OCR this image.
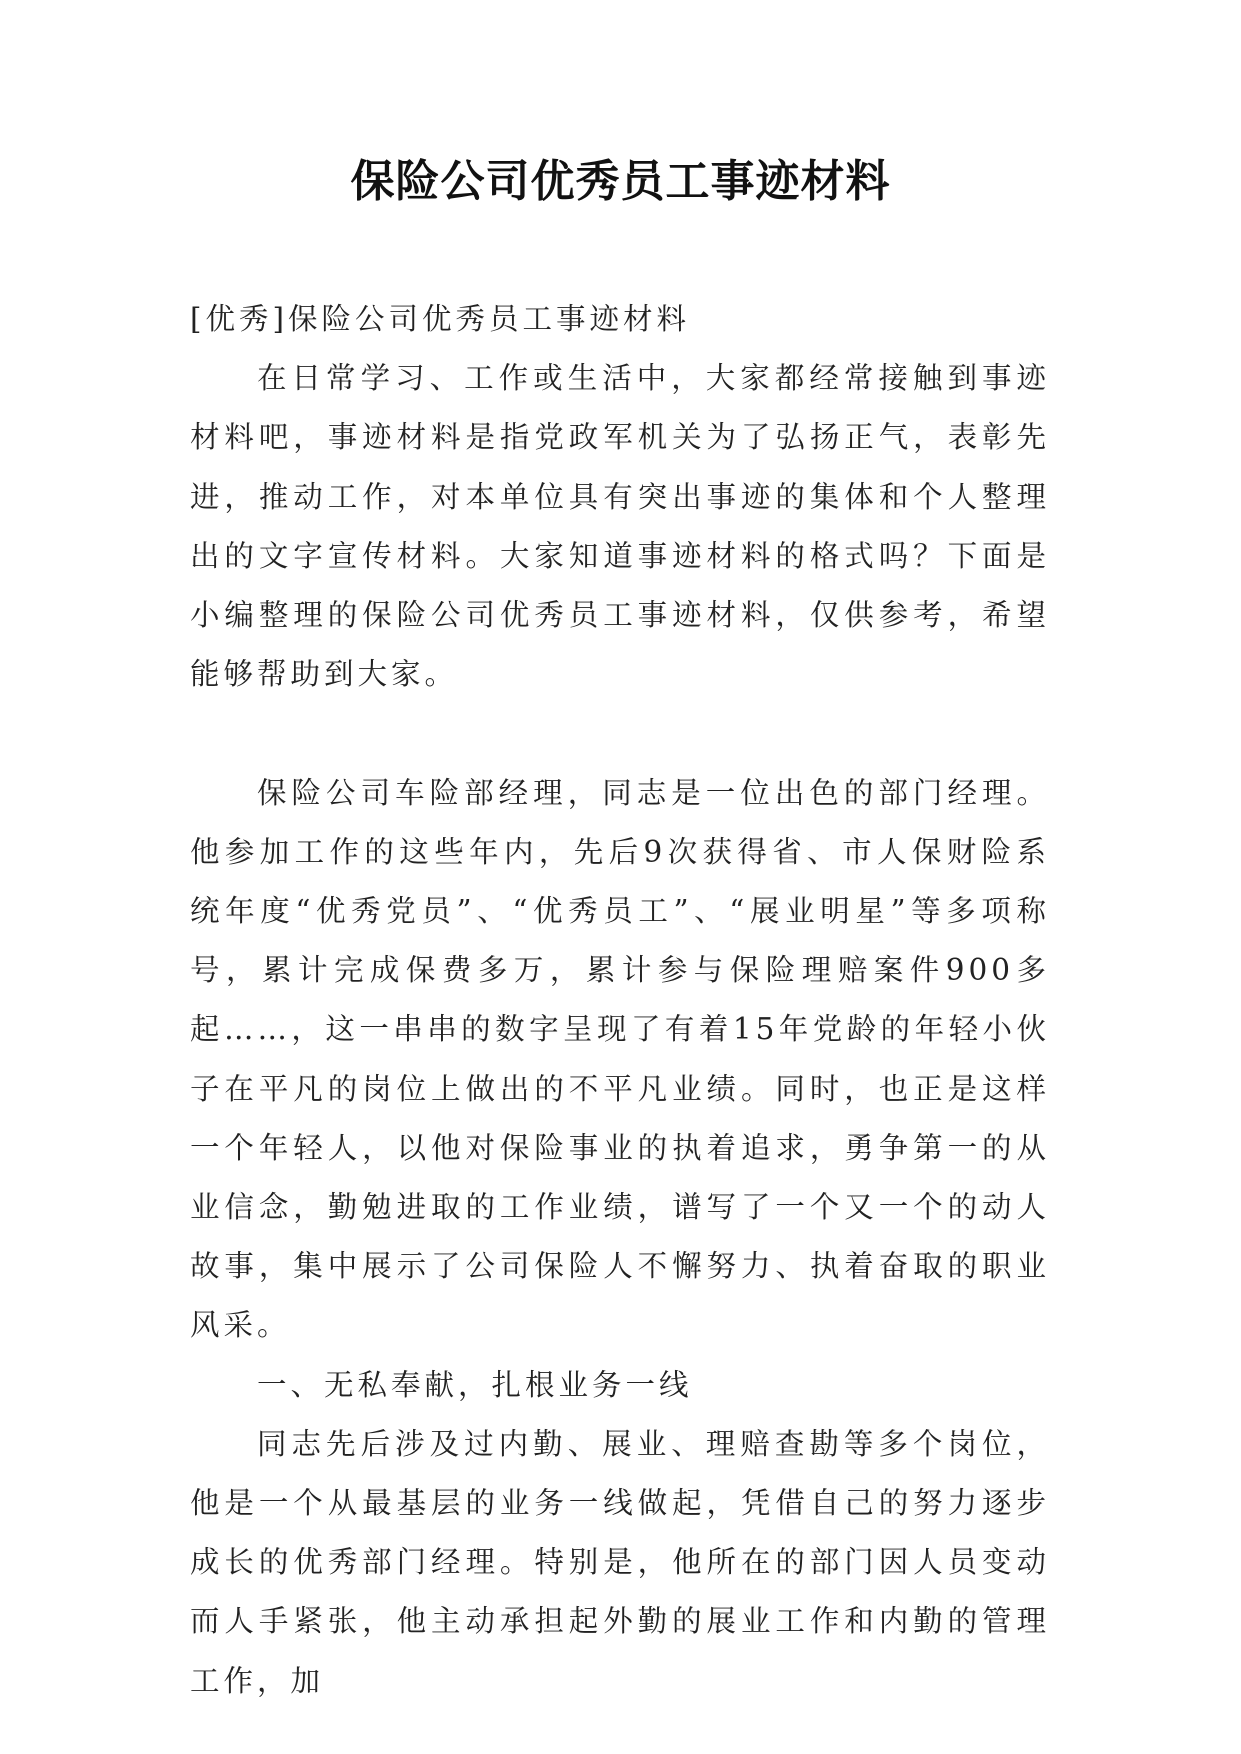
保险公司优秀员工事迹材料

[优秀]保险公司优秀员工事迹材料

在日常学习、工作或生活中，大家都经常接触到事迹材料吧，事迹材料是指党政军机关为了弘扬正气，表彰先进，推动工作，对本单位具有突出事迹的集体和个人整理出的文字宣传材料。大家知道事迹材料的格式吗？下面是小编整理的保险公司优秀员工事迹材料，仅供参考，希望能够帮助到大家。

保险公司车险部经理，同志是一位出色的部门经理。他参加工作的这些年内，先后9次获得省、市人保财险系统年度“优秀党员”、“优秀员工”、“展业明星”等多项称号，累计完成保费多万，累计参与保险理赔案件900多起……，这一串串的数字呈现了有着15年党龄的年轻小伙子在平凡的岗位上做出的不平凡业绩。同时，也正是这样一个年轻人，以他对保险事业的执着追求，勇争第一的从业信念，勤勉进取的工作业绩，谱写了一个又一个的动人故事，集中展示了公司保险人不懈努力、执着奋取的职业风采。

一、无私奉献，扎根业务一线

同志先后涉及过内勤、展业、理赔查勘等多个岗位，他是一个从最基层的业务一线做起，凭借自己的努力逐步成长的优秀部门经理。特别是，他所在的部门因人员变动而人手紧张，他主动承担起外勤的展业工作和内勤的管理工作，加
